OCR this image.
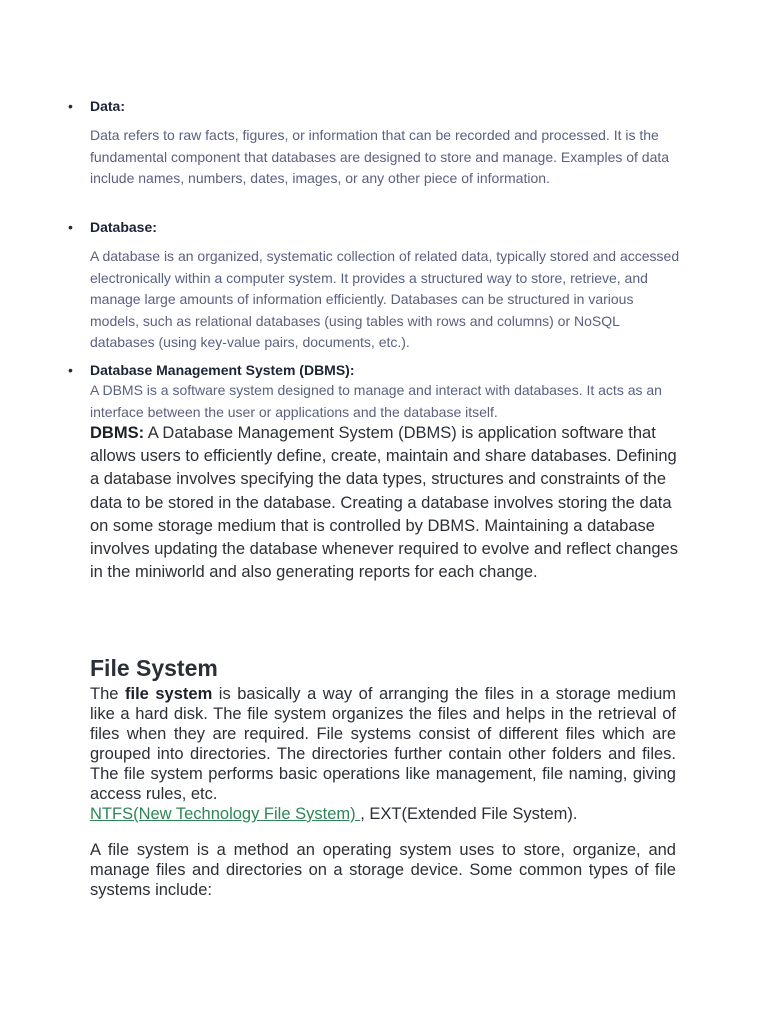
• Data:
Data refers to raw facts, figures, or information that can be recorded and processed. It is the fundamental component that databases are designed to store and manage. Examples of data include names, numbers, dates, images, or any other piece of information.
• Database:
A database is an organized, systematic collection of related data, typically stored and accessed electronically within a computer system. It provides a structured way to store, retrieve, and manage large amounts of information efficiently. Databases can be structured in various models, such as relational databases (using tables with rows and columns) or NoSQL databases (using key-value pairs, documents, etc.).
• Database Management System (DBMS):
A DBMS is a software system designed to manage and interact with databases. It acts as an interface between the user or applications and the database itself.

DBMS: A Database Management System (DBMS) is application software that allows users to efficiently define, create, maintain and share databases. Defining a database involves specifying the data types, structures and constraints of the data to be stored in the database. Creating a database involves storing the data on some storage medium that is controlled by DBMS. Maintaining a database involves updating the database whenever required to evolve and reflect changes in the miniworld and also generating reports for each change.

File System

The file system is basically a way of arranging the files in a storage medium like a hard disk. The file system organizes the files and helps in the retrieval of files when they are required. File systems consist of different files which are grouped into directories. The directories further contain other folders and files. The file system performs basic operations like management, file naming, giving access rules, etc.

NTFS(New Technology File System) , EXT(Extended File System).

A file system is a method an operating system uses to store, organize, and manage files and directories on a storage device. Some common types of file systems include:
